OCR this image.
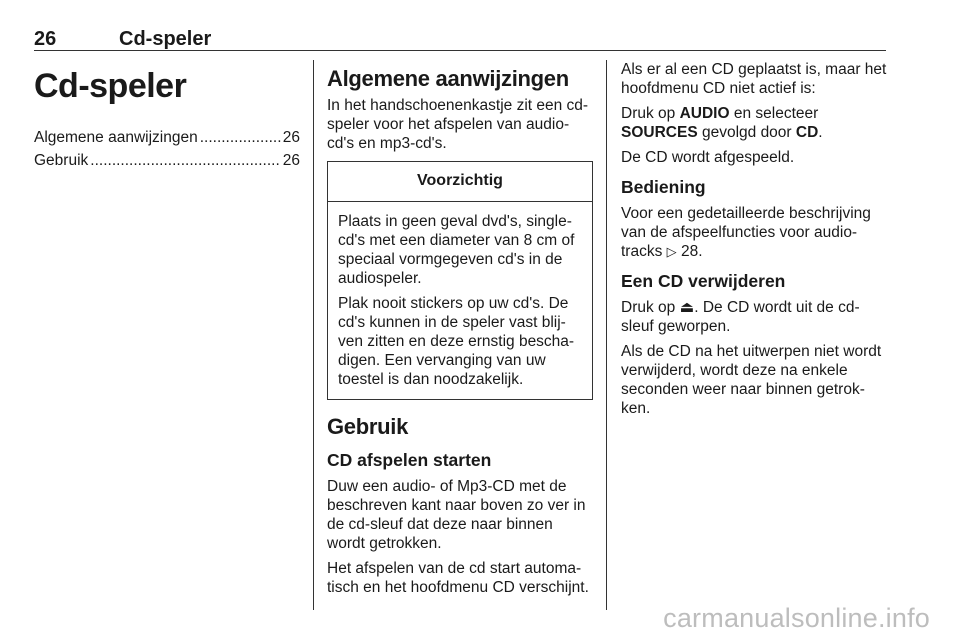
26	Cd-speler
Cd-speler
Algemene aanwijzingen .....	26
Gebruik .....	26
Algemene aanwijzingen

In het handschoenenkastje zit een cd-speler voor het afspelen van audio-cd's en mp3-cd's.

Voorzichtig

Plaats in geen geval dvd's, single-cd's met een diameter van 8 cm of speciaal vormgegeven cd's in de audiospeler.

Plak nooit stickers op uw cd's. De cd's kunnen in de speler vast blij-ven zitten en deze ernstig bescha-digen. Een vervanging van uw toestel is dan noodzakelijk.

Gebruik
CD afspelen starten

Duw een audio- of Mp3-CD met de beschreven kant naar boven zo ver in de cd-sleuf dat deze naar binnen wordt getrokken.

Het afspelen van de cd start automa-tisch en het hoofdmenu CD verschijnt.

Als er al een CD geplaatst is, maar het hoofdmenu CD niet actief is:

Druk op AUDIO en selecteer
SOURCES gevolgd door CD.

De CD wordt afgespeeld.

Bediening

Voor een gedetailleerde beschrijving van de afspeelfuncties voor audio-tracks ▷ 28.

Een CD verwijderen

Druk op ⏏. De CD wordt uit de cd-sleuf geworpen.

Als de CD na het uitwerpen niet wordt verwijderd, wordt deze na enkele seconden weer naar binnen getrok-ken.

carmanualsonline.info
